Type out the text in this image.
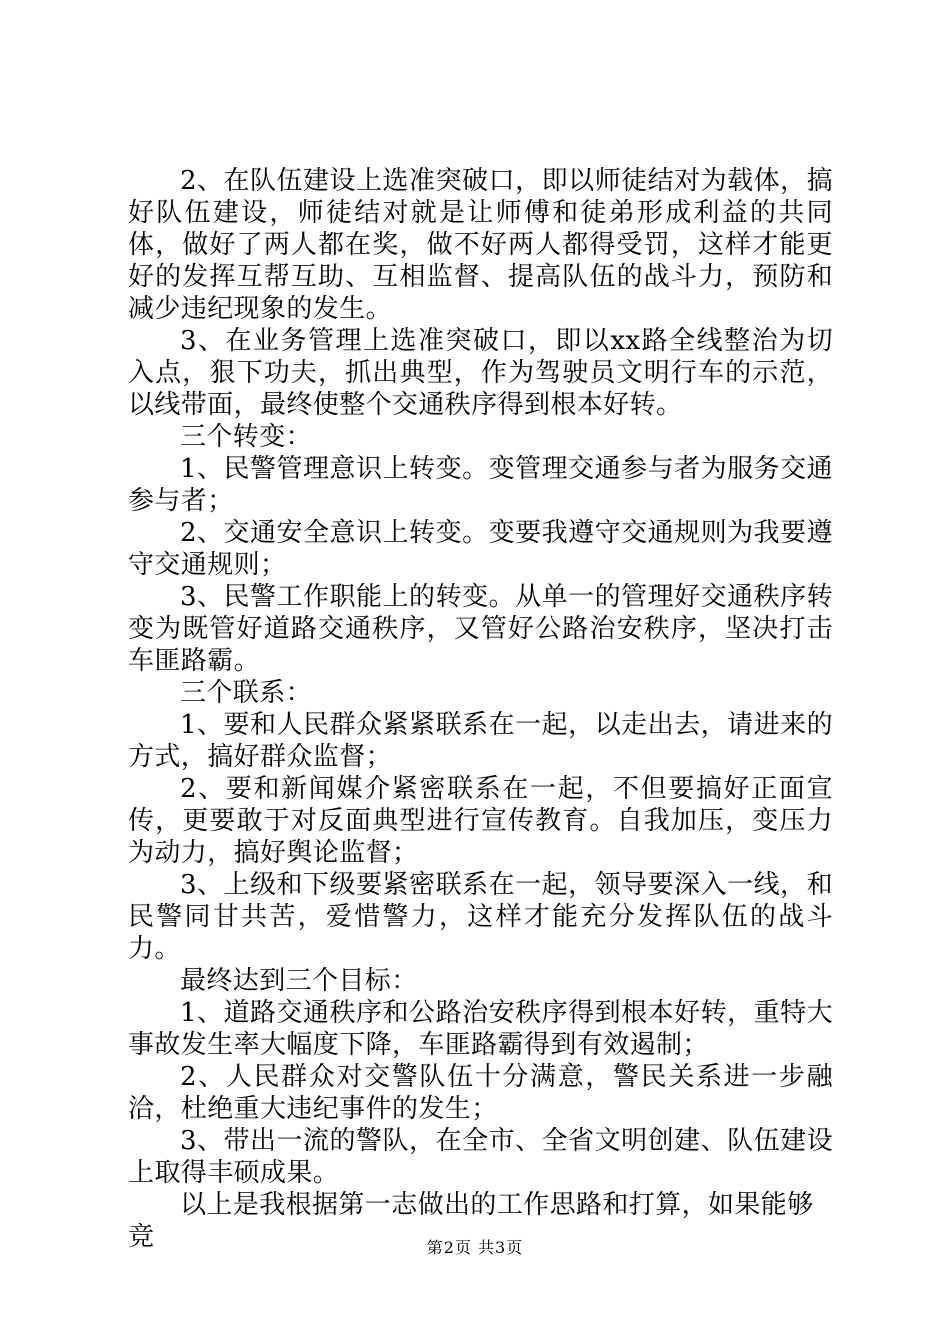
2、在队伍建设上选准突破口，即以师徒结对为载体，搞好队伍建设，师徒结对就是让师傅和徒弟形成利益的共同体，做好了两人都在奖，做不好两人都得受罚，这样才能更好的发挥互帮互助、互相监督、提高队伍的战斗力，预防和减少违纪现象的发生。

3、在业务管理上选准突破口，即以xx路全线整治为切入点，狠下功夫，抓出典型，作为驾驶员文明行车的示范，以线带面，最终使整个交通秩序得到根本好转。

三个转变：

1、民警管理意识上转变。变管理交通参与者为服务交通参与者；

2、交通安全意识上转变。变要我遵守交通规则为我要遵守交通规则；

3、民警工作职能上的转变。从单一的管理好交通秩序转变为既管好道路交通秩序，又管好公路治安秩序，坚决打击车匪路霸。

三个联系：

1、要和人民群众紧紧联系在一起，以走出去，请进来的方式，搞好群众监督；

2、要和新闻媒介紧密联系在一起，不但要搞好正面宣传，更要敢于对反面典型进行宣传教育。自我加压，变压力为动力，搞好舆论监督；

3、上级和下级要紧密联系在一起，领导要深入一线，和民警同甘共苦，爱惜警力，这样才能充分发挥队伍的战斗力。

最终达到三个目标：

1、道路交通秩序和公路治安秩序得到根本好转，重特大事故发生率大幅度下降，车匪路霸得到有效遏制；

2、人民群众对交警队伍十分满意，警民关系进一步融洽，杜绝重大违纪事件的发生；

3、带出一流的警队，在全市、全省文明创建、队伍建设上取得丰硕成果。

以上是我根据第一志做出的工作思路和打算，如果能够竞	第2页 共3页
